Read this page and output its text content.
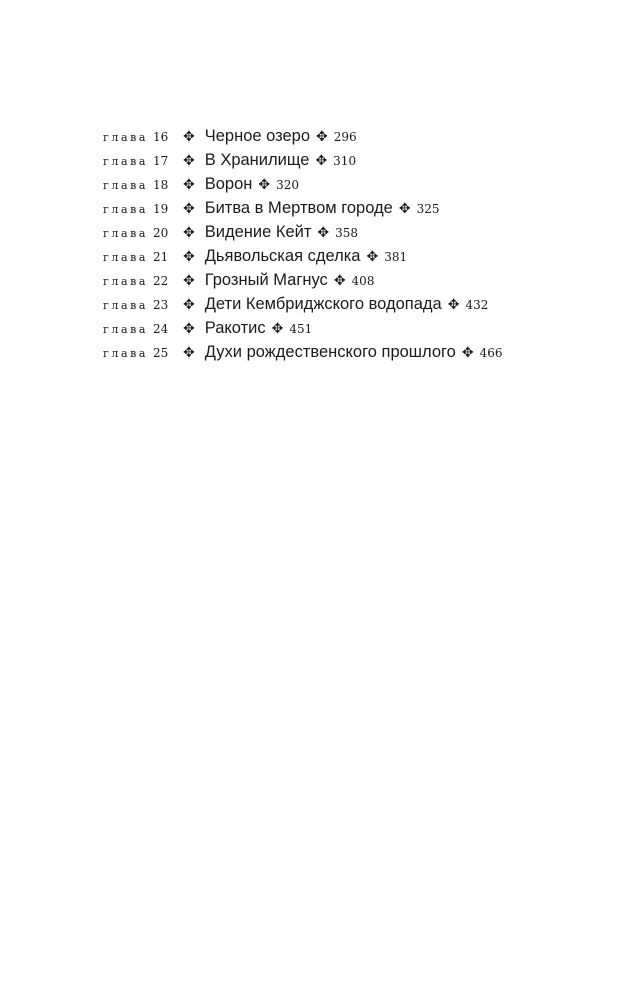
глава 16	✥ Черное озеро ✥ 296
глава 17	✥ В Хранилище ✥ 310
глава 18	✥ Ворон ✥ 320
глава 19	✥ Битва в Мертвом городе ✥ 325
глава 20	✥ Видение Кейт ✥ 358
глава 21	✥ Дьявольская сделка ✥ 381
глава 22	✥ Грозный Магнус ✥ 408
глава 23	✥ Дети Кембриджского водопада ✥ 432
глава 24	✥ Ракотис ✥ 451
глава 25	✥ Духи рождественского прошлого ✥ 466
